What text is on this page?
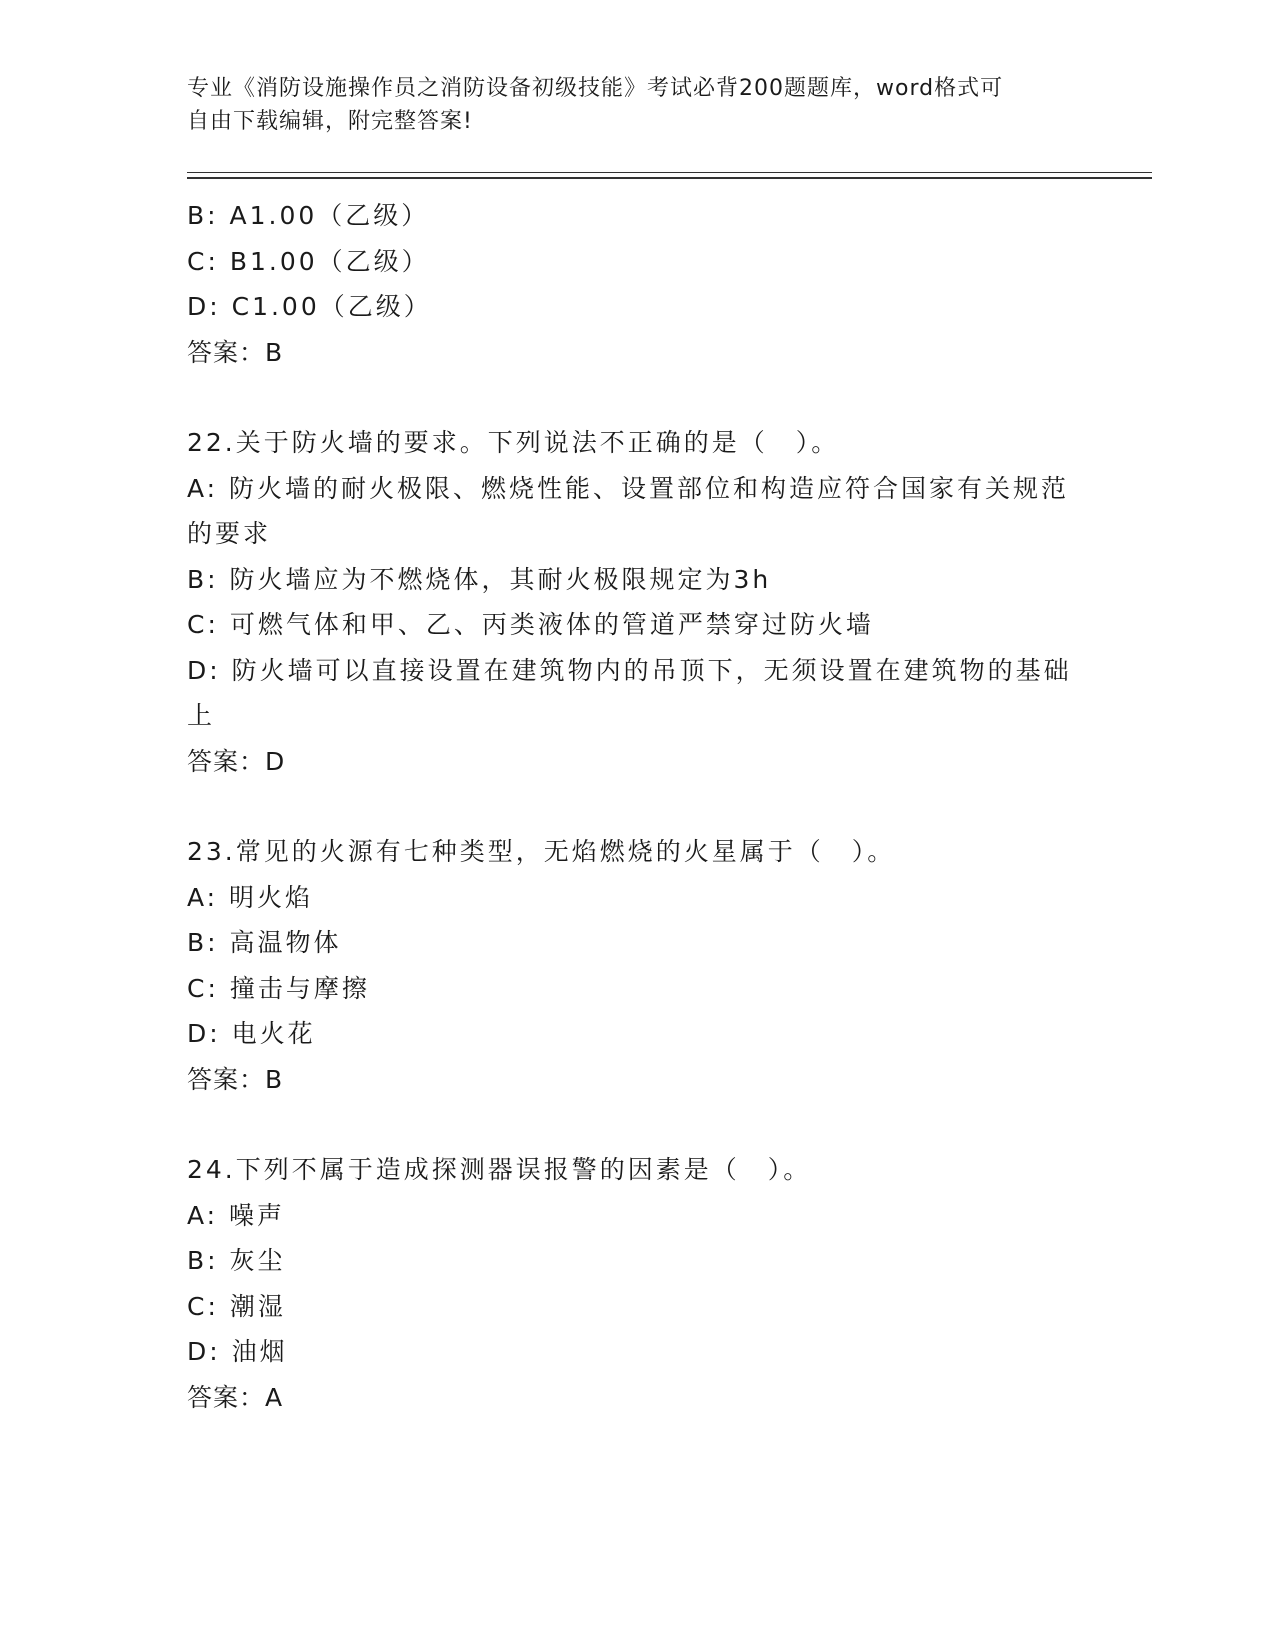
专业《消防设施操作员之消防设备初级技能》考试必背200题题库，word格式可
自由下载编辑，附完整答案!
B: A1.00（乙级）
C: B1.00（乙级）
D: C1.00（乙级）
答案：B
22.关于防火墙的要求。下列说法不正确的是（　）。
A: 防火墙的耐火极限、燃烧性能、设置部位和构造应符合国家有关规范的要求
B: 防火墙应为不燃烧体，其耐火极限规定为3h
C: 可燃气体和甲、乙、丙类液体的管道严禁穿过防火墙
D: 防火墙可以直接设置在建筑物内的吊顶下，无须设置在建筑物的基础上
答案：D
23.常见的火源有七种类型，无焰燃烧的火星属于（　）。
A: 明火焰
B: 高温物体
C: 撞击与摩擦
D: 电火花
答案：B
24.下列不属于造成探测器误报警的因素是（　）。
A: 噪声
B: 灰尘
C: 潮湿
D: 油烟
答案：A
